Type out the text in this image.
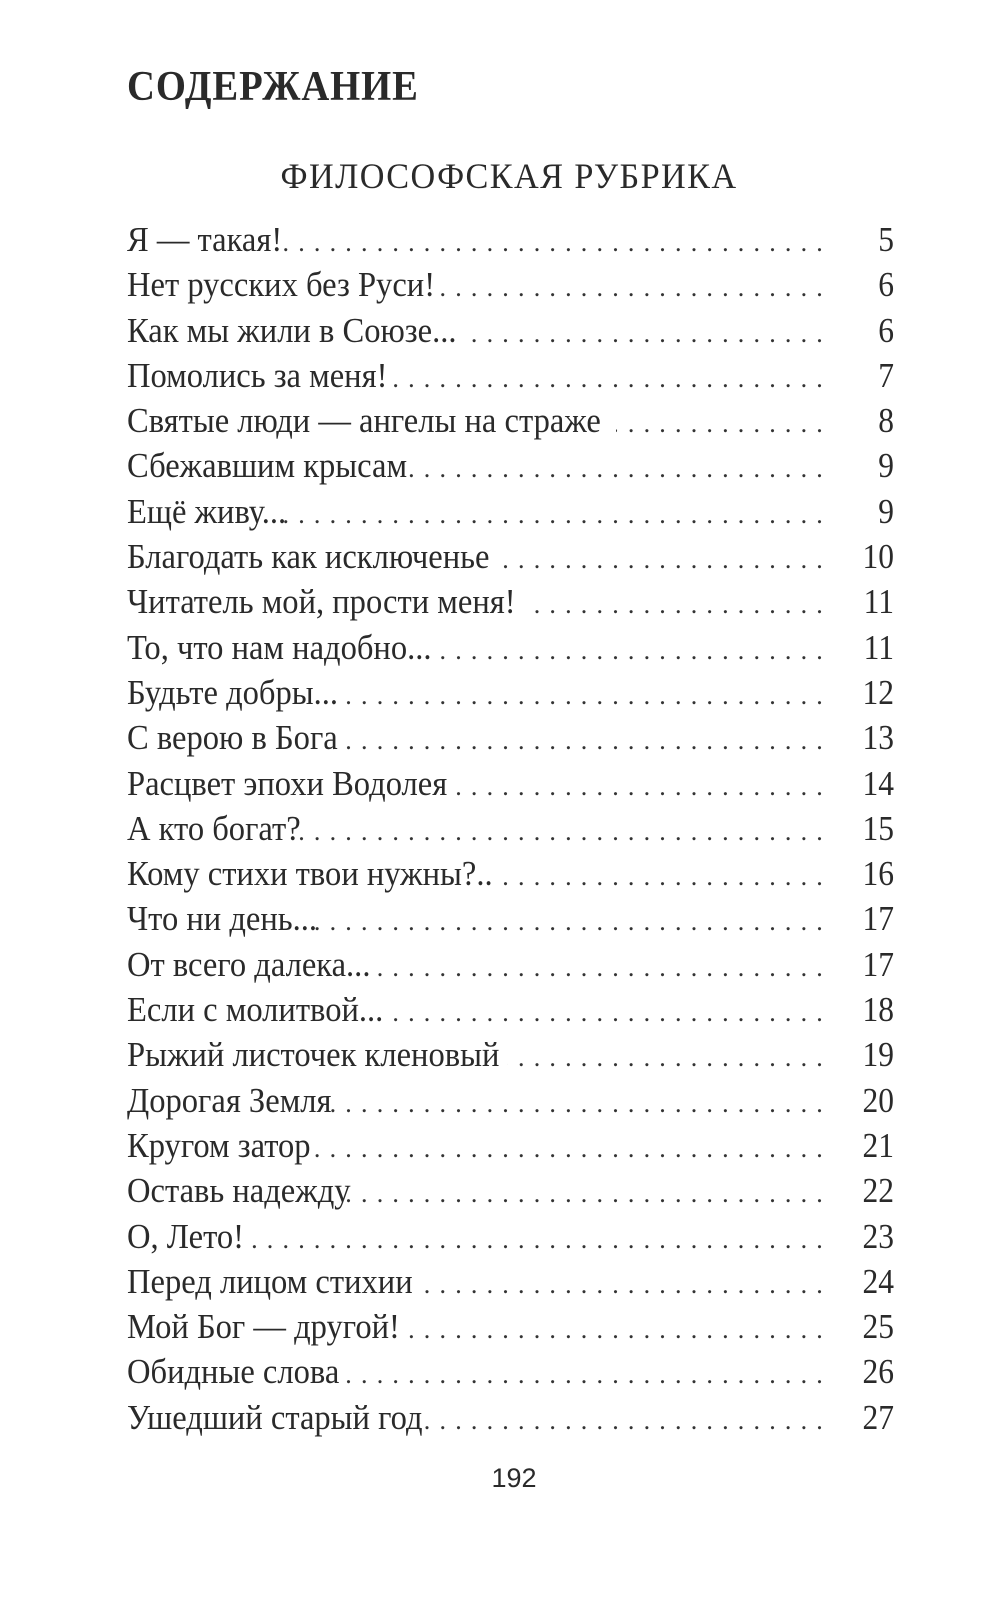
СОДЕРЖАНИЕ
ФИЛОСОФСКАЯ РУБРИКА
Я — такая! .....	5
Нет русских без Руси! .....	6
Как мы жили в Союзе... .....	6
Помолись за меня! .....	7
Святые люди — ангелы на страже .....	8
Сбежавшим крысам .....	9
Ещё живу... .....	9
Благодать как исключенье .....	10
Читатель мой, прости меня! .....	11
То, что нам надобно... .....	11
Будьте добры... .....	12
С верою в Бога .....	13
Расцвет эпохи Водолея .....	14
А кто богат? .....	15
Кому стихи твои нужны?.. .....	16
Что ни день... .....	17
От всего далека... .....	17
Если с молитвой... .....	18
Рыжий листочек кленовый .....	19
Дорогая Земля .....	20
Кругом затор .....	21
Оставь надежду .....	22
О, Лето! .....	23
Перед лицом стихии .....	24
Мой Бог — другой! .....	25
Обидные слова .....	26
Ушедший старый год .....	27
192
